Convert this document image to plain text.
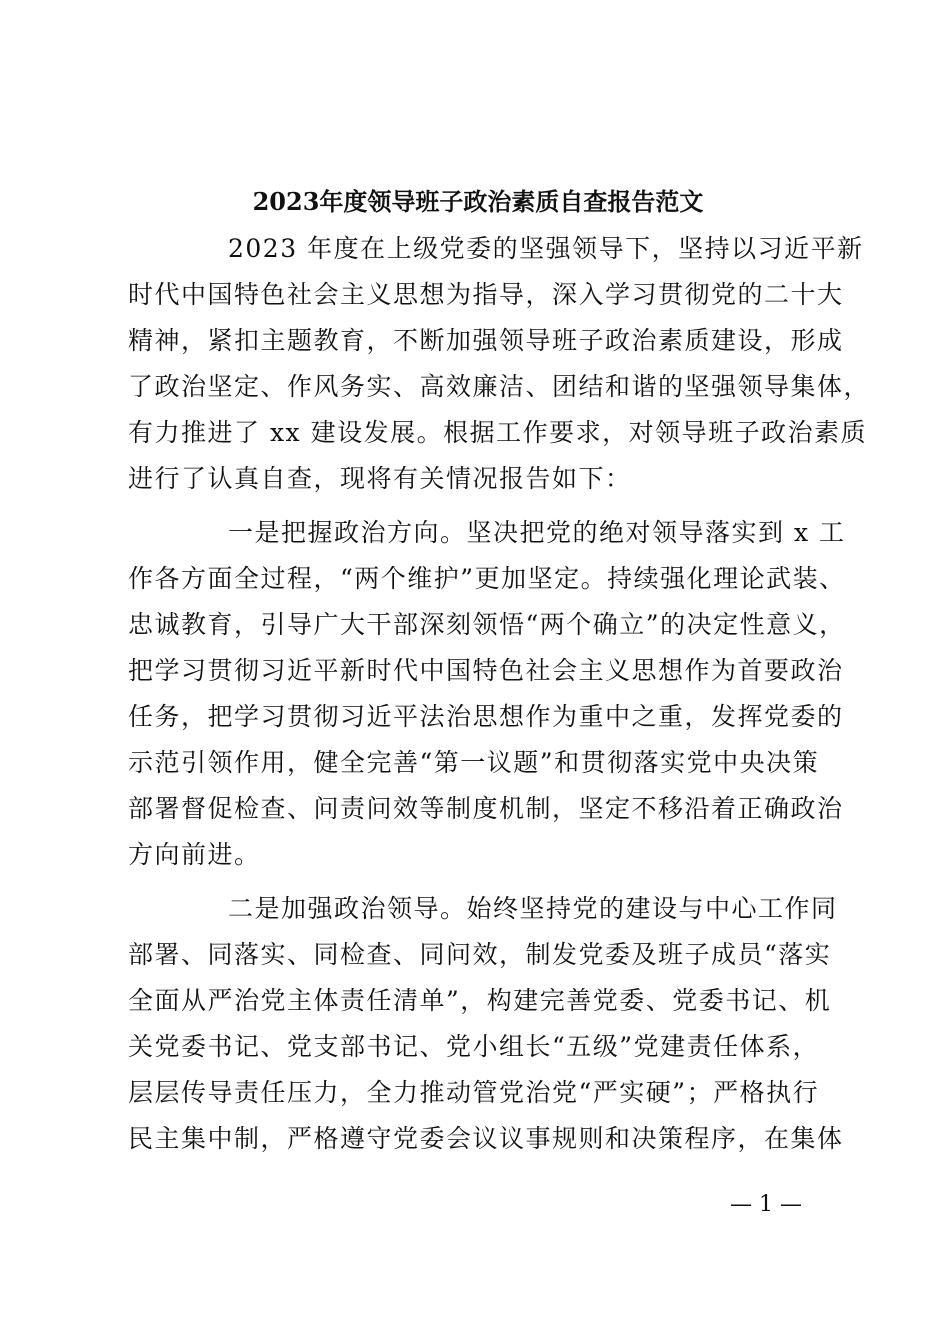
2023年度领导班子政治素质自查报告范文
2023 年度在上级党委的坚强领导下，坚持以习近平新
时代中国特色社会主义思想为指导，深入学习贯彻党的二十大
精神，紧扣主题教育，不断加强领导班子政治素质建设，形成
了政治坚定、作风务实、高效廉洁、团结和谐的坚强领导集体，
有力推进了 xx 建设发展。根据工作要求，对领导班子政治素质
进行了认真自查，现将有关情况报告如下：
一是把握政治方向。坚决把党的绝对领导落实到 x 工
作各方面全过程，“两个维护”更加坚定。持续强化理论武装、
忠诚教育，引导广大干部深刻领悟“两个确立”的决定性意义，
把学习贯彻习近平新时代中国特色社会主义思想作为首要政治
任务，把学习贯彻习近平法治思想作为重中之重，发挥党委的
示范引领作用，健全完善“第一议题”和贯彻落实党中央决策
部署督促检查、问责问效等制度机制，坚定不移沿着正确政治
方向前进。
二是加强政治领导。始终坚持党的建设与中心工作同
部署、同落实、同检查、同问效，制发党委及班子成员“落实
全面从严治党主体责任清单”，构建完善党委、党委书记、机
关党委书记、党支部书记、党小组长“五级”党建责任体系，
层层传导责任压力，全力推动管党治党“严实硬”；严格执行
民主集中制，严格遵守党委会议议事规则和决策程序，在集体
— 1 —
